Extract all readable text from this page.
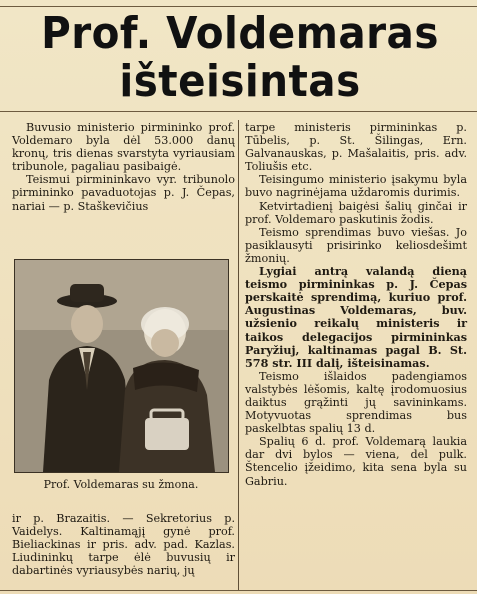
Prof. Voldemaras
išteisintas

Buvusio ministerio pirmininko prof. Voldemaro byla dėl 53.000 danų kronų, tris dienas svarstyta vyriausiam tribunole, pagaliau pasibaigė.

Teismui pirmininkavo vyr. tribunolo pirmininko pavaduotojas p. J. Čepas, nariai — p. Staškevičius

Prof. Voldemaras su žmona.
ir p. Brazaitis. — Sekretorius p. Vaidelys. Kaltinamąjį gynė prof. Bieliackinas ir pris. adv. pad. Kazlas. Liudininkų tarpe ėlė buvusių ir dabartinės vyriausybės narių, jų

tarpe ministeris pirmininkas p. Tūbelis, p. St. Šilingas, Ern. Galvanauskas, p. Mašalaitis, pris. adv. Toliušis etc.

Teisingumo ministerio įsakymu byla buvo nagrinėjama uždaromis durimis.

Ketvirtadienį baigėsi šalių ginčai ir prof. Voldemaro paskutinis žodis.

Teismo sprendimas buvo viešas. Jo pasiklausyti prisirinko keliosdešimt žmonių.

Lygiai antrą valandą dieną teismo pirmininkas p. J. Čepas perskaitė sprendimą, kuriuo prof. Augustinas Voldemaras, buv. užsienio reikalų ministeris ir taikos delegacijos pirmininkas Paryžiuj, kaltinamas pagal B. St. 578 str. III dalį, išteisinamas.

Teismo išlaidos padengiamos valstybės lėšomis, kaltę įrodomuosius daiktus grąžinti jų savininkams. Motyvuotas sprendimas bus paskelbtas spalių 13 d.

Spalių 6 d. prof. Voldemarą laukia dar dvi bylos — viena, del pulk. Štencelio įžeidimo, kita sena byla su Gabriu.
